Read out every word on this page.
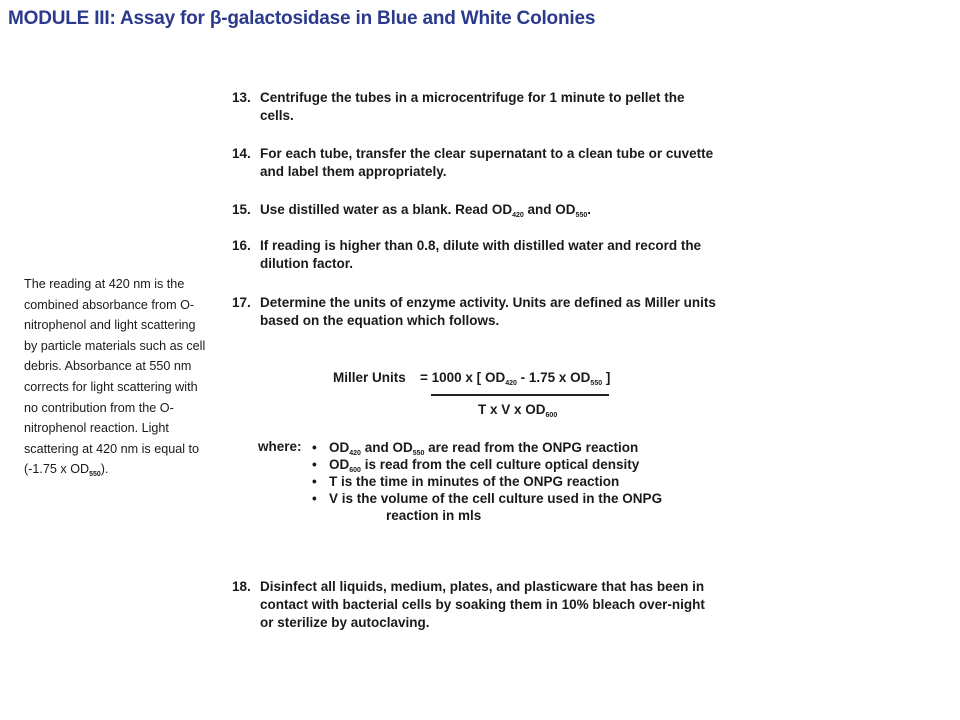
MODULE III: Assay for β-galactosidase in Blue and White Colonies
The reading at 420 nm is the combined absorbance from O-nitrophenol and light scattering by particle materials such as cell debris. Absorbance at 550 nm corrects for light scattering with no contribution from the O-nitrophenol reaction. Light scattering at 420 nm is equal to (-1.75 x $OD_{550}$).
13. Centrifuge the tubes in a microcentrifuge for 1 minute to pellet the cells.
14. For each tube, transfer the clear supernatant to a clean tube or cuvette and label them appropriately.
15. Use distilled water as a blank. Read $OD_{420}$ and $OD_{550}$.
16. If reading is higher than 0.8, dilute with distilled water and record the dilution factor.
17. Determine the units of enzyme activity. Units are defined as Miller units based on the equation which follows.
Miller Units = 1000 x [ $OD_{420} - 1.75$ x $OD_{550}$ ]
T x V x $OD_{600}$
where: • $OD_{420}$ and $OD_{550}$ are read from the ONPG reaction
• $OD_{600}$ is read from the cell culture optical density
• T is the time in minutes of the ONPG reaction
• V is the volume of the cell culture used in the ONPG
reaction in mls
18. Disinfect all liquids, medium, plates, and plasticware that has been in contact with bacterial cells by soaking them in 10% bleach over-night or sterilize by autoclaving.
